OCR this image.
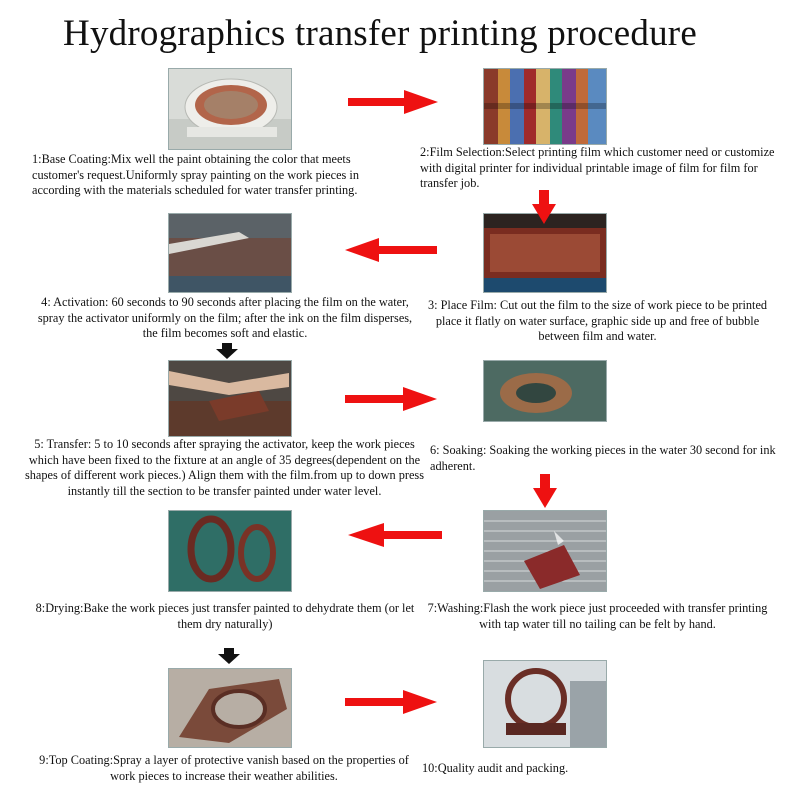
Hydrographics transfer printing procedure
1:Base Coating:Mix well the paint obtaining the color that meets customer's request.Uniformly spray painting on the work pieces in according with the materials scheduled for water transfer printing.
2:Film Selection:Select printing film which customer need or customize with digital printer for individual printable image of film for film for transfer job.
4: Activation: 60 seconds to 90 seconds after placing the film on the water, spray the activator uniformly on the film; after the ink on the film disperses, the film becomes soft and elastic.
3: Place Film: Cut out the film to the size of work piece to be printed place it flatly on water surface, graphic side up and free of bubble between film and water.
5: Transfer: 5 to 10 seconds after spraying the activator, keep the work pieces which have been fixed to the fixture at an angle of 35 degrees(dependent on the shapes of different work pieces.) Align them with the film.from up to down press instantly till the section to be transfer painted under water level.
6: Soaking: Soaking the working pieces in the water 30 second for ink adherent.
8:Drying:Bake the work pieces just transfer painted to dehydrate them (or let them dry naturally)
7:Washing:Flash the work piece just proceeded with transfer printing with tap water till no tailing can be felt by hand.
9:Top Coating:Spray a layer of protective vanish based on the properties of work pieces to increase their weather abilities.
10:Quality audit and packing.
